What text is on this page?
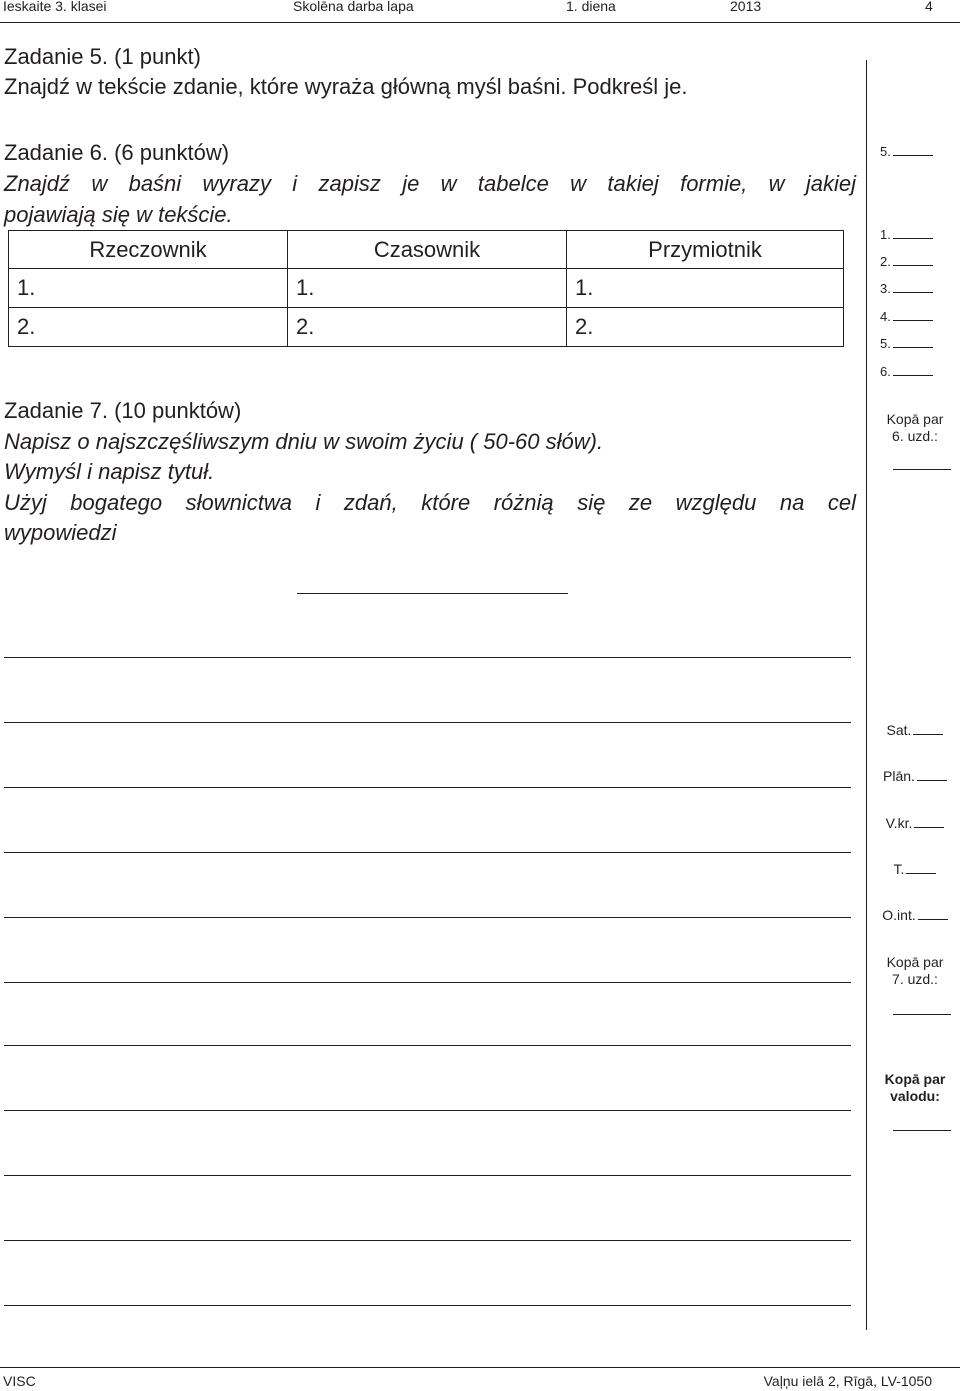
Ieskaite 3. klasei	Skolēna darba lapa	1. diena	2013	4
Zadanie 5. (1 punkt)
Znajdź w tekście zdanie, które wyraża główną myśl baśni. Podkreśl je.
Zadanie 6. (6 punktów)
Znajdź w baśni wyrazy i zapisz je w tabelce w takiej formie, w jakiej
pojawiają się w tekście.
Rzeczownik	Czasownik	Przymiotnik
1.	1.	1.
2.	2.	2.
Zadanie 7. (10 punktów)
Napisz o najszczęśliwszym dniu w swoim życiu ( 50-60 słów).
Wymyśl i napisz tytuł.
Użyj bogatego słownictwa i zdań, które różnią się ze względu na cel
wypowiedzi
5.
1.
2.
3.
4.
5.
6.
Kopā par
6. uzd.:
Sat.
Plān.
V.kr.
T.
O.int.
Kopā par
7. uzd.:
Kopā par
valodu:
VISC	Vaļņu ielā 2, Rīgā, LV-1050
